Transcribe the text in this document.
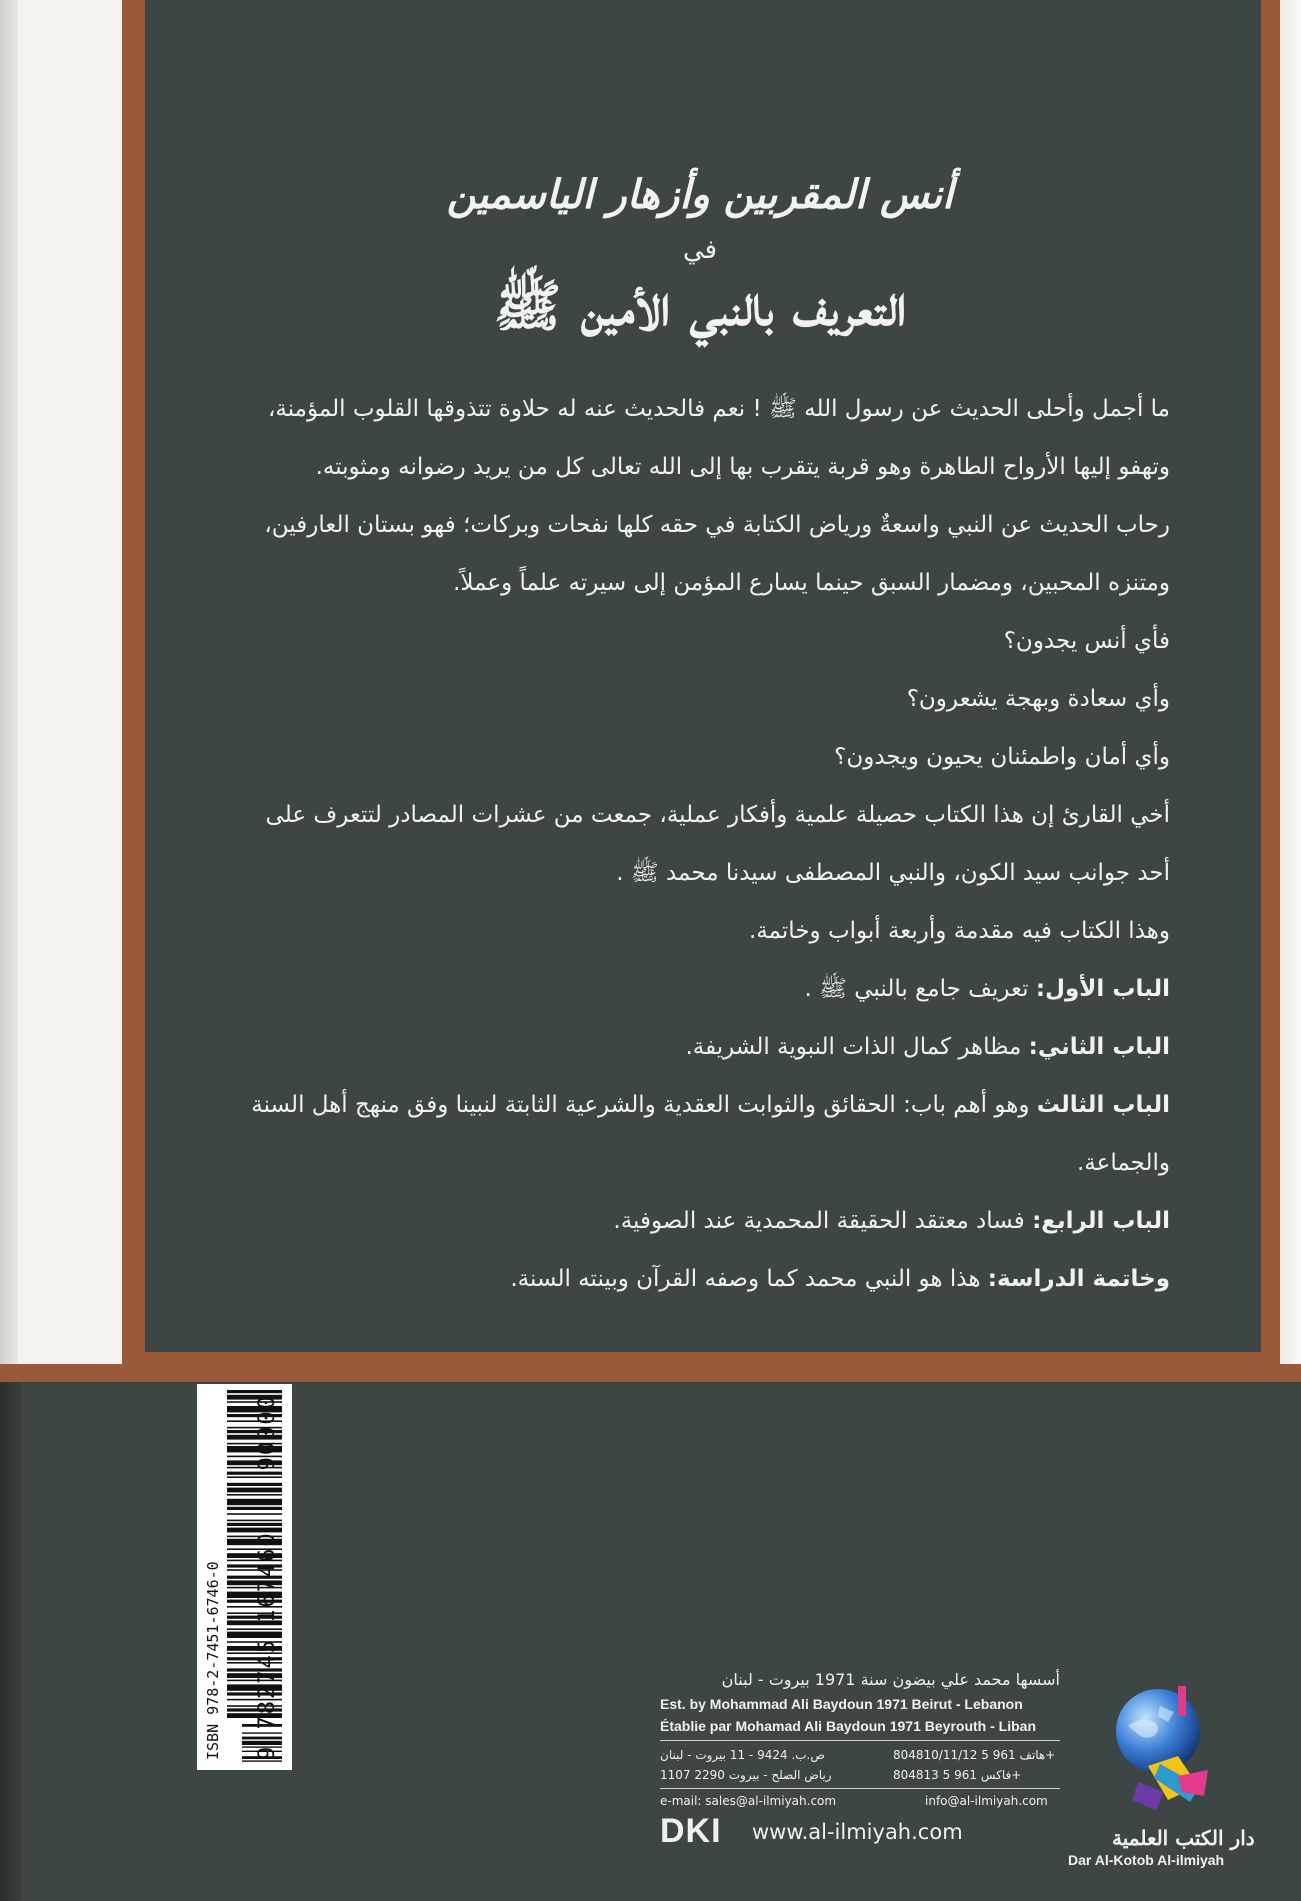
أنس المقربين وأزهار الياسمين
في
التعريف بالنبي الأمين ﷺ

ما أجمل وأحلى الحديث عن رسول الله ﷺ ! نعم فالحديث عنه له حلاوة تتذوقها القلوب المؤمنة، وتهفو إليها الأرواح الطاهرة وهو قربة يتقرب بها إلى الله تعالى كل من يريد رضوانه ومثوبته.

رحاب الحديث عن النبي واسعةٌ ورياض الكتابة في حقه كلها نفحات وبركات؛ فهو بستان العارفين، ومتنزه المحبين، ومضمار السبق حينما يسارع المؤمن إلى سيرته علماً وعملاً.

فأي أنس يجدون؟

وأي سعادة وبهجة يشعرون؟

وأي أمان واطمئنان يحيون ويجدون؟

أخي القارئ إن هذا الكتاب حصيلة علمية وأفكار عملية، جمعت من عشرات المصادر لتتعرف على أحد جوانب سيد الكون، والنبي المصطفى سيدنا محمد ﷺ .

وهذا الكتاب فيه مقدمة وأربعة أبواب وخاتمة.

الباب الأول: تعريف جامع بالنبي ﷺ .

الباب الثاني: مظاهر كمال الذات النبوية الشريفة.

الباب الثالث وهو أهم باب: الحقائق والثوابت العقدية والشرعية الثابتة لنبينا وفق منهج أهل السنة والجماعة.

الباب الرابع: فساد معتقد الحقيقة المحمدية عند الصوفية.

وخاتمة الدراسة: هذا هو النبي محمد كما وصفه القرآن وبينته السنة.

ISBN 978-2-7451-6746-0 9 782745 167460    90000
أسسها محمد علي بيضون سنة 1971 بيروت - لبنان
Est. by Mohammad Ali Baydoun 1971 Beirut - Lebanon
Établie par Mohamad Ali Baydoun 1971 Beyrouth - Liban
هاتف 961 5 804810/11/12+
فاكس 961 5 804813+
ص.ب. 9424 - 11 بيروت - لبنان
رياض الصلح - بيروت 2290 1107
e-mail: sales@al-ilmiyah.com	info@al-ilmiyah.com
DKI www.al-ilmiyah.com	دار الكتب العلمية
Dar Al-Kotob Al-ilmiyah
